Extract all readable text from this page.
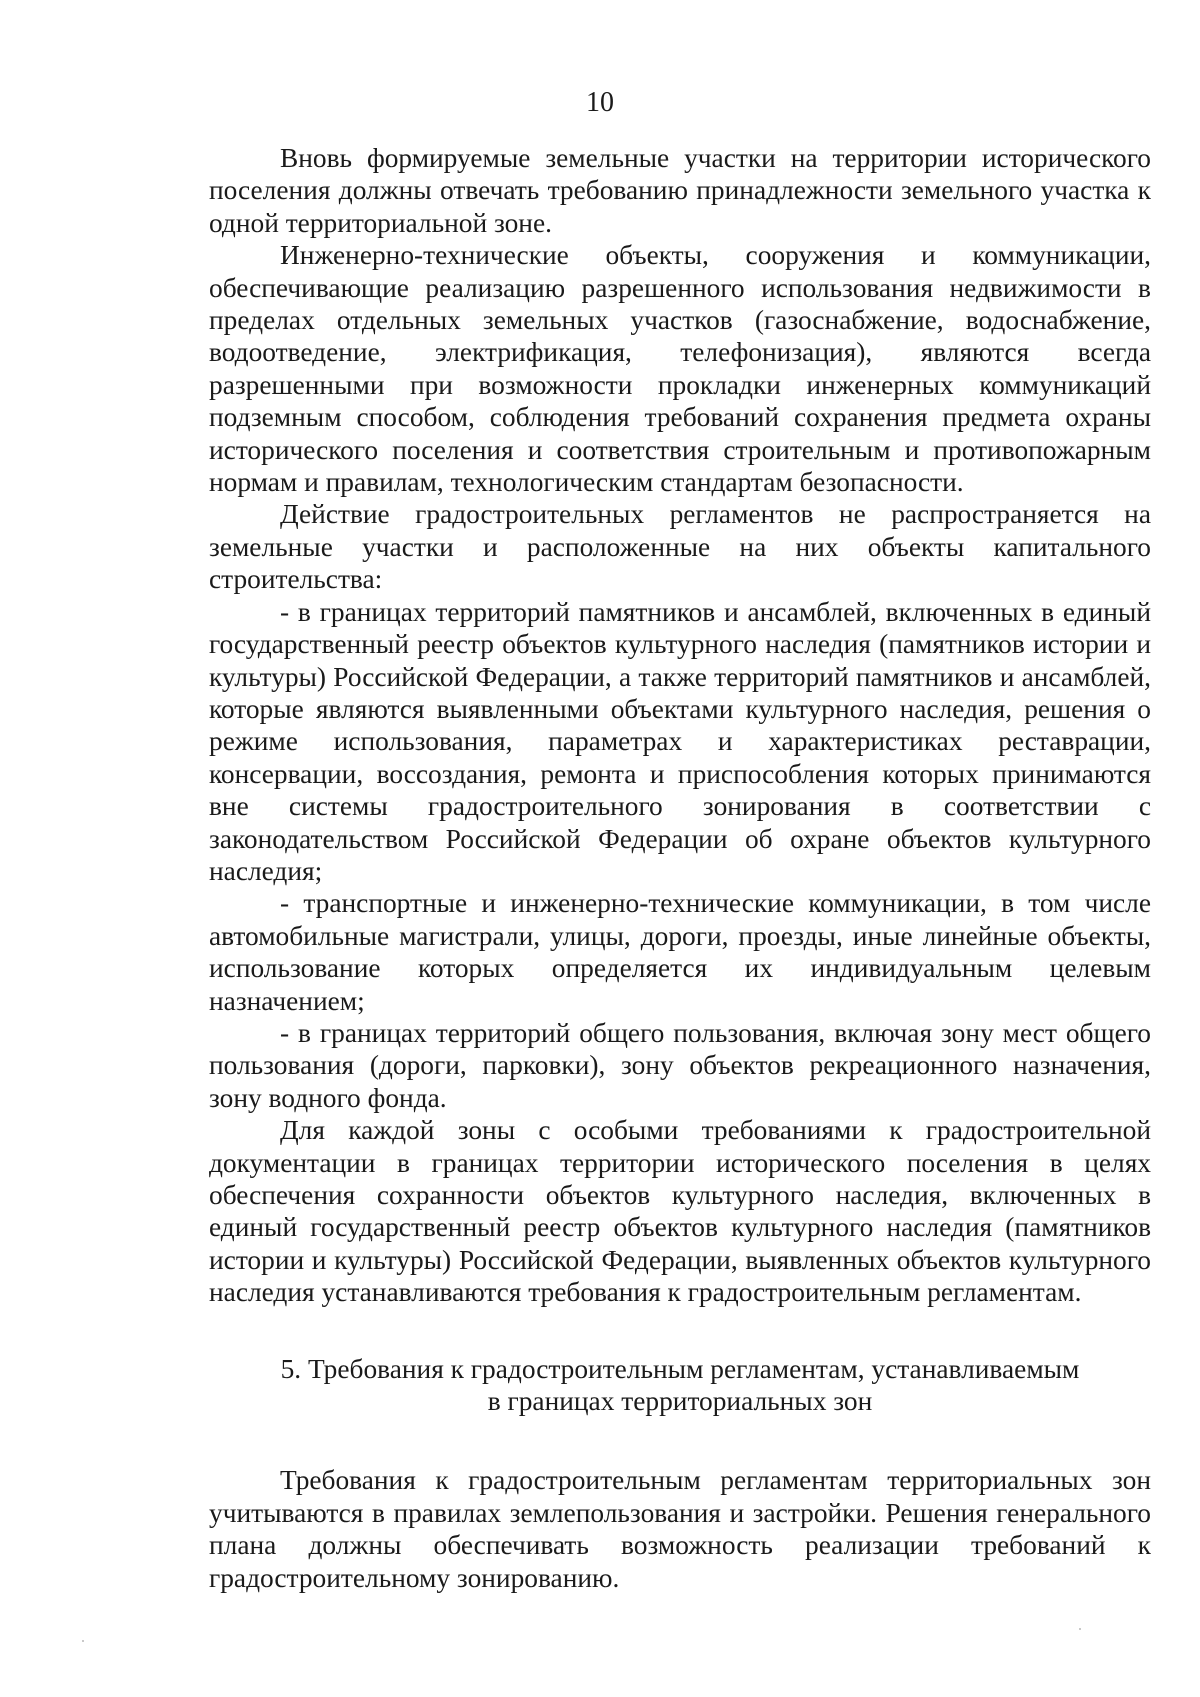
10

Вновь формируемые земельные участки на территории исторического поселения должны отвечать требованию принадлежности земельного участка к одной территориальной зоне.

Инженерно-технические объекты, сооружения и коммуникации, обеспечивающие реализацию разрешенного использования недвижимости в пределах отдельных земельных участков (газоснабжение, водоснабжение, водоотведение, электрификация, телефонизация), являются всегда разрешенными при возможности прокладки инженерных коммуникаций подземным способом, соблюдения требований сохранения предмета охраны исторического поселения и соответствия строительным и противопожарным нормам и правилам, технологическим стандартам безопасности.

Действие градостроительных регламентов не распространяется на земельные участки и расположенные на них объекты капитального строительства:

- в границах территорий памятников и ансамблей, включенных в единый государственный реестр объектов культурного наследия (памятников истории и культуры) Российской Федерации, а также территорий памятников и ансамблей, которые являются выявленными объектами культурного наследия, решения о режиме использования, параметрах и характеристиках реставрации, консервации, воссоздания, ремонта и приспособления которых принимаются вне системы градостроительного зонирования в соответствии с законодательством Российской Федерации об охране объектов культурного наследия;

- транспортные и инженерно-технические коммуникации, в том числе автомобильные магистрали, улицы, дороги, проезды, иные линейные объекты, использование которых определяется их индивидуальным целевым назначением;

- в границах территорий общего пользования, включая зону мест общего пользования (дороги, парковки), зону объектов рекреационного назначения, зону водного фонда.

Для каждой зоны с особыми требованиями к градостроительной документации в границах территории исторического поселения в целях обеспечения сохранности объектов культурного наследия, включенных в единый государственный реестр объектов культурного наследия (памятников истории и культуры) Российской Федерации, выявленных объектов культурного наследия устанавливаются требования к градостроительным регламентам.

5. Требования к градостроительным регламентам, устанавливаемым
в границах территориальных зон

Требования к градостроительным регламентам территориальных зон учитываются в правилах землепользования и застройки. Решения генерального плана должны обеспечивать возможность реализации требований к градостроительному зонированию.
